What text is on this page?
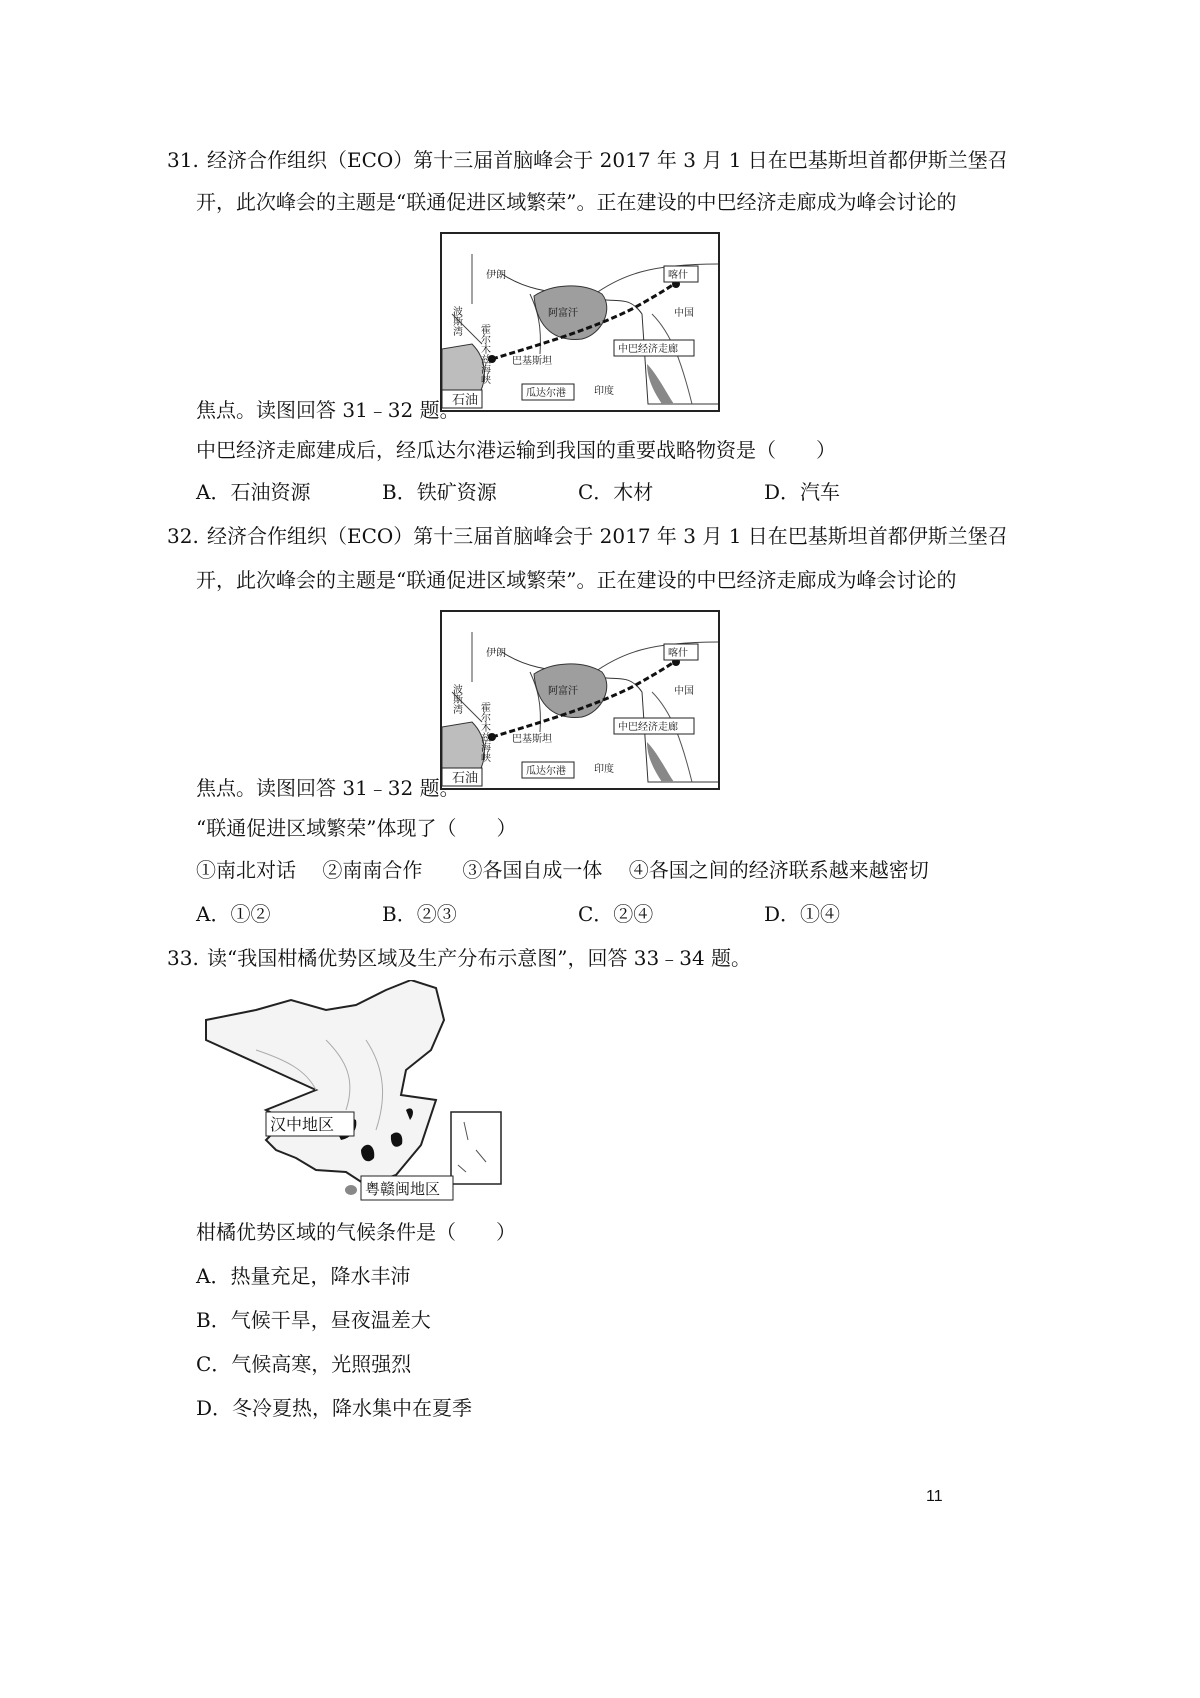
31. 经济合作组织（ECO）第十三届首脑峰会于 2017 年 3 月 1 日在巴基斯坦首都伊斯兰堡召
开，此次峰会的主题是“联通促进区域繁荣”。正在建设的中巴经济走廊成为峰会讨论的
喀什
伊朗
阿富汗	中国
中巴经济走廊
巴基斯坦
瓜达尔港	印度
石油
波斯湾
霍尔木兹海峡
焦点。读图回答 31﹣32 题。
中巴经济走廊建成后，经瓜达尔港运输到我国的重要战略物资是（　　）
A．石油资源	B．铁矿资源	C．木材	D．汽车
32. 经济合作组织（ECO）第十三届首脑峰会于 2017 年 3 月 1 日在巴基斯坦首都伊斯兰堡召
开，此次峰会的主题是“联通促进区域繁荣”。正在建设的中巴经济走廊成为峰会讨论的
喀什
伊朗
阿富汗	中国
中巴经济走廊
巴基斯坦
瓜达尔港	印度
石油
波斯湾
霍尔木兹海峡
焦点。读图回答 31﹣32 题。
“联通促进区域繁荣”体现了（　　）
①南北对话　 ②南南合作　　③各国自成一体　 ④各国之间的经济联系越来越密切
A．①②	B．②③	C．②④	D．①④
33. 读“我国柑橘优势区域及生产分布示意图”，回答 33﹣34 题。
汉中地区
粤赣闽地区
柑橘优势区域的气候条件是（　　）
A．热量充足，降水丰沛
B．气候干旱，昼夜温差大
C．气候高寒，光照强烈
D．冬冷夏热，降水集中在夏季
11
